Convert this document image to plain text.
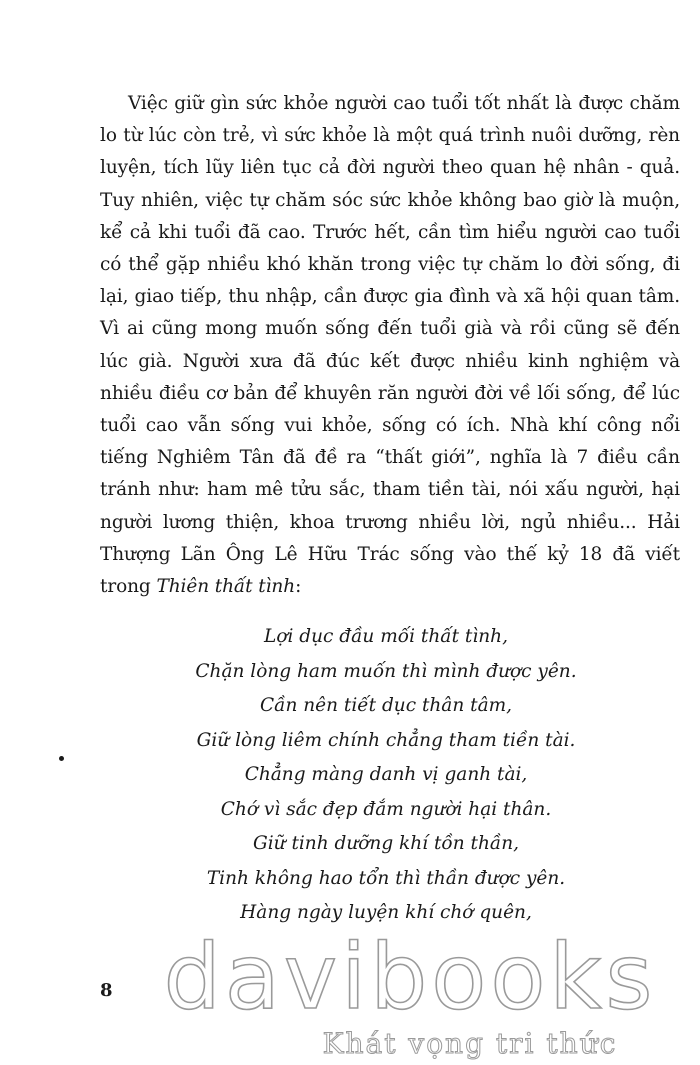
Việc giữ gìn sức khỏe người cao tuổi tốt nhất là được chăm lo từ lúc còn trẻ, vì sức khỏe là một quá trình nuôi dưỡng, rèn luyện, tích lũy liên tục cả đời người theo quan hệ nhân - quả. Tuy nhiên, việc tự chăm sóc sức khỏe không bao giờ là muộn, kể cả khi tuổi đã cao. Trước hết, cần tìm hiểu người cao tuổi có thể gặp nhiều khó khăn trong việc tự chăm lo đời sống, đi lại, giao tiếp, thu nhập, cần được gia đình và xã hội quan tâm. Vì ai cũng mong muốn sống đến tuổi già và rồi cũng sẽ đến lúc già. Người xưa đã đúc kết được nhiều kinh nghiệm và nhiều điều cơ bản để khuyên răn người đời về lối sống, để lúc tuổi cao vẫn sống vui khỏe, sống có ích. Nhà khí công nổi tiếng Nghiêm Tân đã đề ra “thất giới”, nghĩa là 7 điều cần tránh như: ham mê tửu sắc, tham tiền tài, nói xấu người, hại người lương thiện, khoa trương nhiều lời, ngủ nhiều... Hải Thượng Lãn Ông Lê Hữu Trác sống vào thế kỷ 18 đã viết trong Thiên thất tình:

Lợi dục đầu mối thất tình,
Chặn lòng ham muốn thì mình được yên.
Cần nên tiết dục thân tâm,
Giữ lòng liêm chính chẳng tham tiền tài.
Chẳng màng danh vị ganh tài,
Chớ vì sắc đẹp đắm người hại thân.
Giữ tinh dưỡng khí tồn thần,
Tinh không hao tổn thì thần được yên.
Hàng ngày luyện khí chớ quên,
8 davibooks
Khát vọng tri thức
